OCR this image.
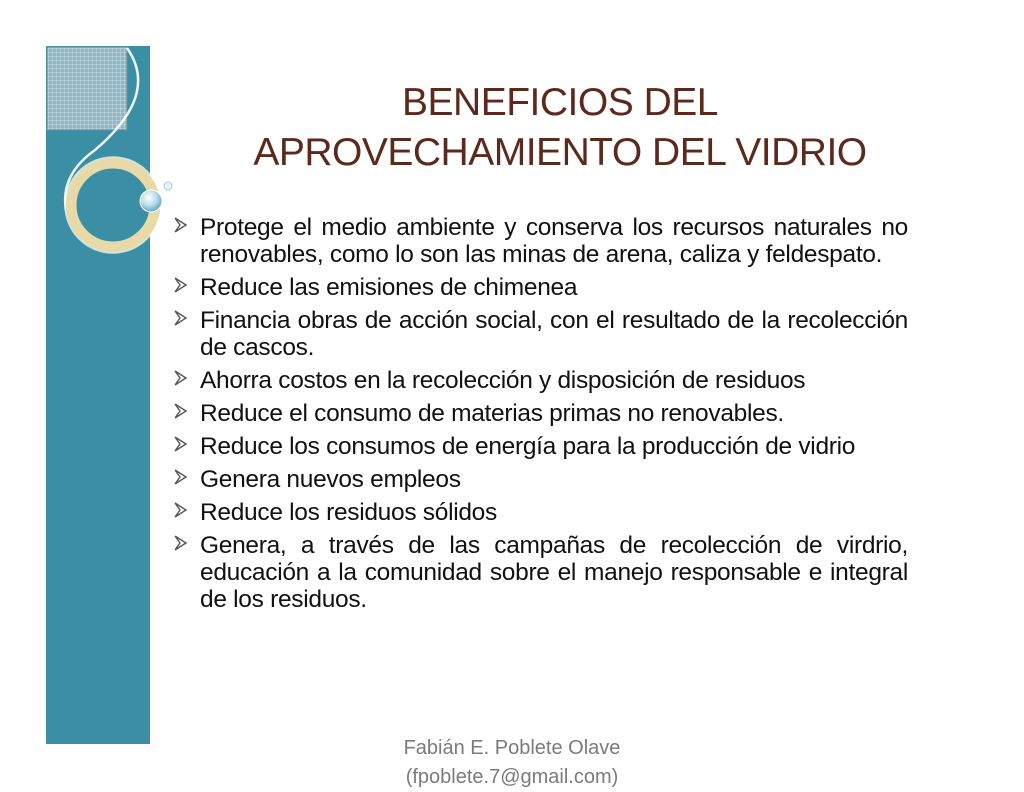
BENEFICIOS DEL
APROVECHAMIENTO DEL VIDRIO
Protege el medio ambiente y conserva los recursos naturales no renovables, como lo son las minas de arena, caliza y feldespato.
Reduce las emisiones de chimenea
Financia obras de acción social, con el resultado de la recolección de cascos.
Ahorra costos en la recolección y disposición de residuos
Reduce el consumo de materias primas no renovables.
Reduce los consumos de energía para la producción de vidrio
Genera nuevos empleos
Reduce los residuos sólidos
Genera, a través de las campañas de recolección de virdrio, educación a la comunidad sobre el manejo responsable e integral de los residuos.
Fabián E. Poblete Olave
(fpoblete.7@gmail.com)
